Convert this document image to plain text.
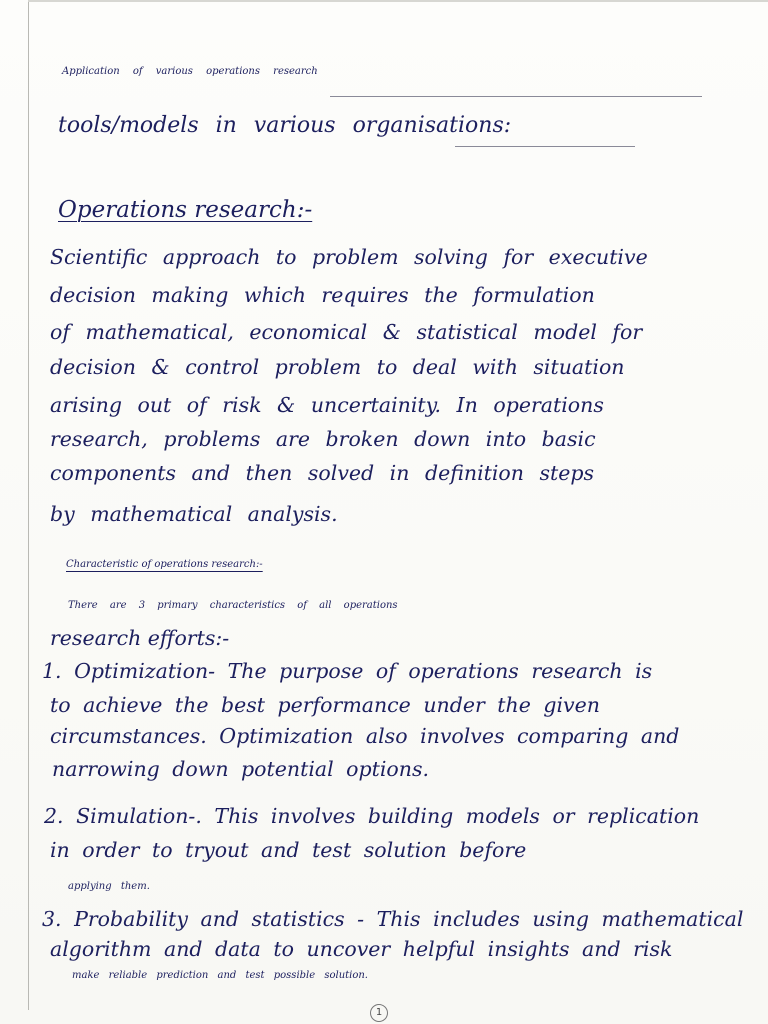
Application of various operations research
tools/models in various organisations:
Operations research:-
Scientific approach to problem solving for executive
decision making which requires the formulation
of mathematical, economical & statistical model for
decision & control problem to deal with situation
arising out of risk & uncertainity. In operations
research, problems are broken down into basic
components and then solved in definition steps
by mathematical analysis.
Characteristic of operations research:-
There are 3 primary characteristics of all operations
research efforts:-
1. Optimization- The purpose of operations research is
to achieve the best performance under the given
circumstances. Optimization also involves comparing and
narrowing down potential options.
2. Simulation-. This involves building models or replication
in order to tryout and test solution before
applying them.
3. Probability and statistics - This includes using mathematical
algorithm and data to uncover helpful insights and risk
make reliable prediction and test possible solution.
1
